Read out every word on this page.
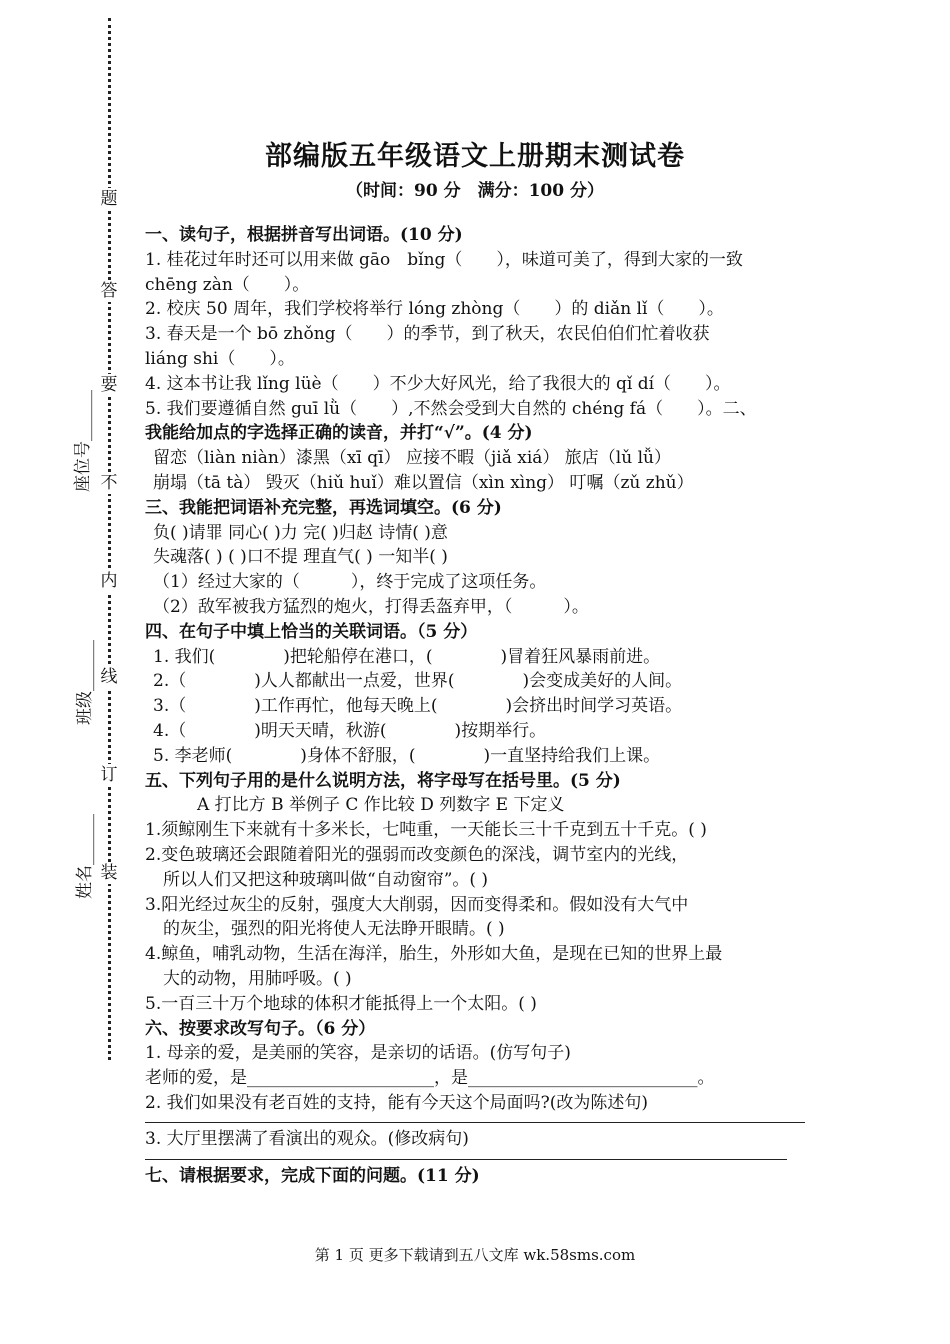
题
答
要
不
内
线
订
装
座位号______
班级______
姓名______
部编版五年级语文上册期末测试卷
（时间：90 分　满分：100 分）
一、读句子，根据拼音写出词语。(10 分)
1. 桂花过年时还可以用来做 gāo　bǐng（　　），味道可美了，得到大家的一致
chēng zàn（　　）。
2. 校庆 50 周年，我们学校将举行 lóng zhòng（　　）的 diǎn lǐ（　　）。
3. 春天是一个 bō zhǒng（　　）的季节，到了秋天，农民伯伯们忙着收获
liáng shi（　　）。
4. 这本书让我 lǐng lüè（　　）不少大好风光，给了我很大的 qǐ dí（　　）。
5. 我们要遵循自然 guī lǜ（　　）,不然会受到大自然的 chéng fá（　　）。二、
我能给加点的字选择正确的读音，并打“√”。(4 分)
留恋（liàn niàn）漆黑（xī qī） 应接不暇（jiǎ xiá） 旅店（lǔ lǚ）
崩塌（tā tà） 毁灭（hiǔ huǐ）难以置信（xìn xìng） 叮嘱（zǔ zhǔ）
三、我能把词语补充完整，再选词填空。(6 分)
负( )请罪 同心( )力 完( )归赵 诗情( )意
失魂落( ) ( )口不提 理直气( ) 一知半( )
（1）经过大家的（　　　），终于完成了这项任务。
（2）敌军被我方猛烈的炮火，打得丢盔弃甲，（　　　）。
四、在句子中填上恰当的关联词语。（5 分）
1. 我们(　　　　)把轮船停在港口，(　　　　)冒着狂风暴雨前进。
2.（　　　　)人人都献出一点爱，世界(　　　　)会变成美好的人间。
3.（　　　　)工作再忙，他每天晚上(　　　　)会挤出时间学习英语。
4.（　　　　)明天天晴，秋游(　　　　)按期举行。
5. 李老师(　　　　)身体不舒服，(　　　　)一直坚持给我们上课。
五、下列句子用的是什么说明方法，将字母写在括号里。(5 分)
A 打比方 B 举例子 C 作比较 D 列数字 E 下定义
1.须鲸刚生下来就有十多米长，七吨重，一天能长三十千克到五十千克。( )
2.变色玻璃还会跟随着阳光的强弱而改变颜色的深浅，调节室内的光线，
所以人们又把这种玻璃叫做“自动窗帘”。( )
3.阳光经过灰尘的反射，强度大大削弱，因而变得柔和。假如没有大气中
的灰尘，强烈的阳光将使人无法睁开眼睛。( )
4.鲸鱼，哺乳动物，生活在海洋，胎生，外形如大鱼，是现在已知的世界上最
大的动物，用肺呼吸。( )
5.一百三十万个地球的体积才能抵得上一个太阳。( )
六、按要求改写句子。（6 分）
1. 母亲的爱，是美丽的笑容，是亲切的话语。(仿写句子)
老师的爱，是______________________，是___________________________。
2. 我们如果没有老百姓的支持，能有今天这个局面吗?(改为陈述句)
3. 大厅里摆满了看演出的观众。(修改病句)
七、请根据要求，完成下面的问题。(11 分)
第 1 页 更多下载请到五八文库 wk.58sms.com
